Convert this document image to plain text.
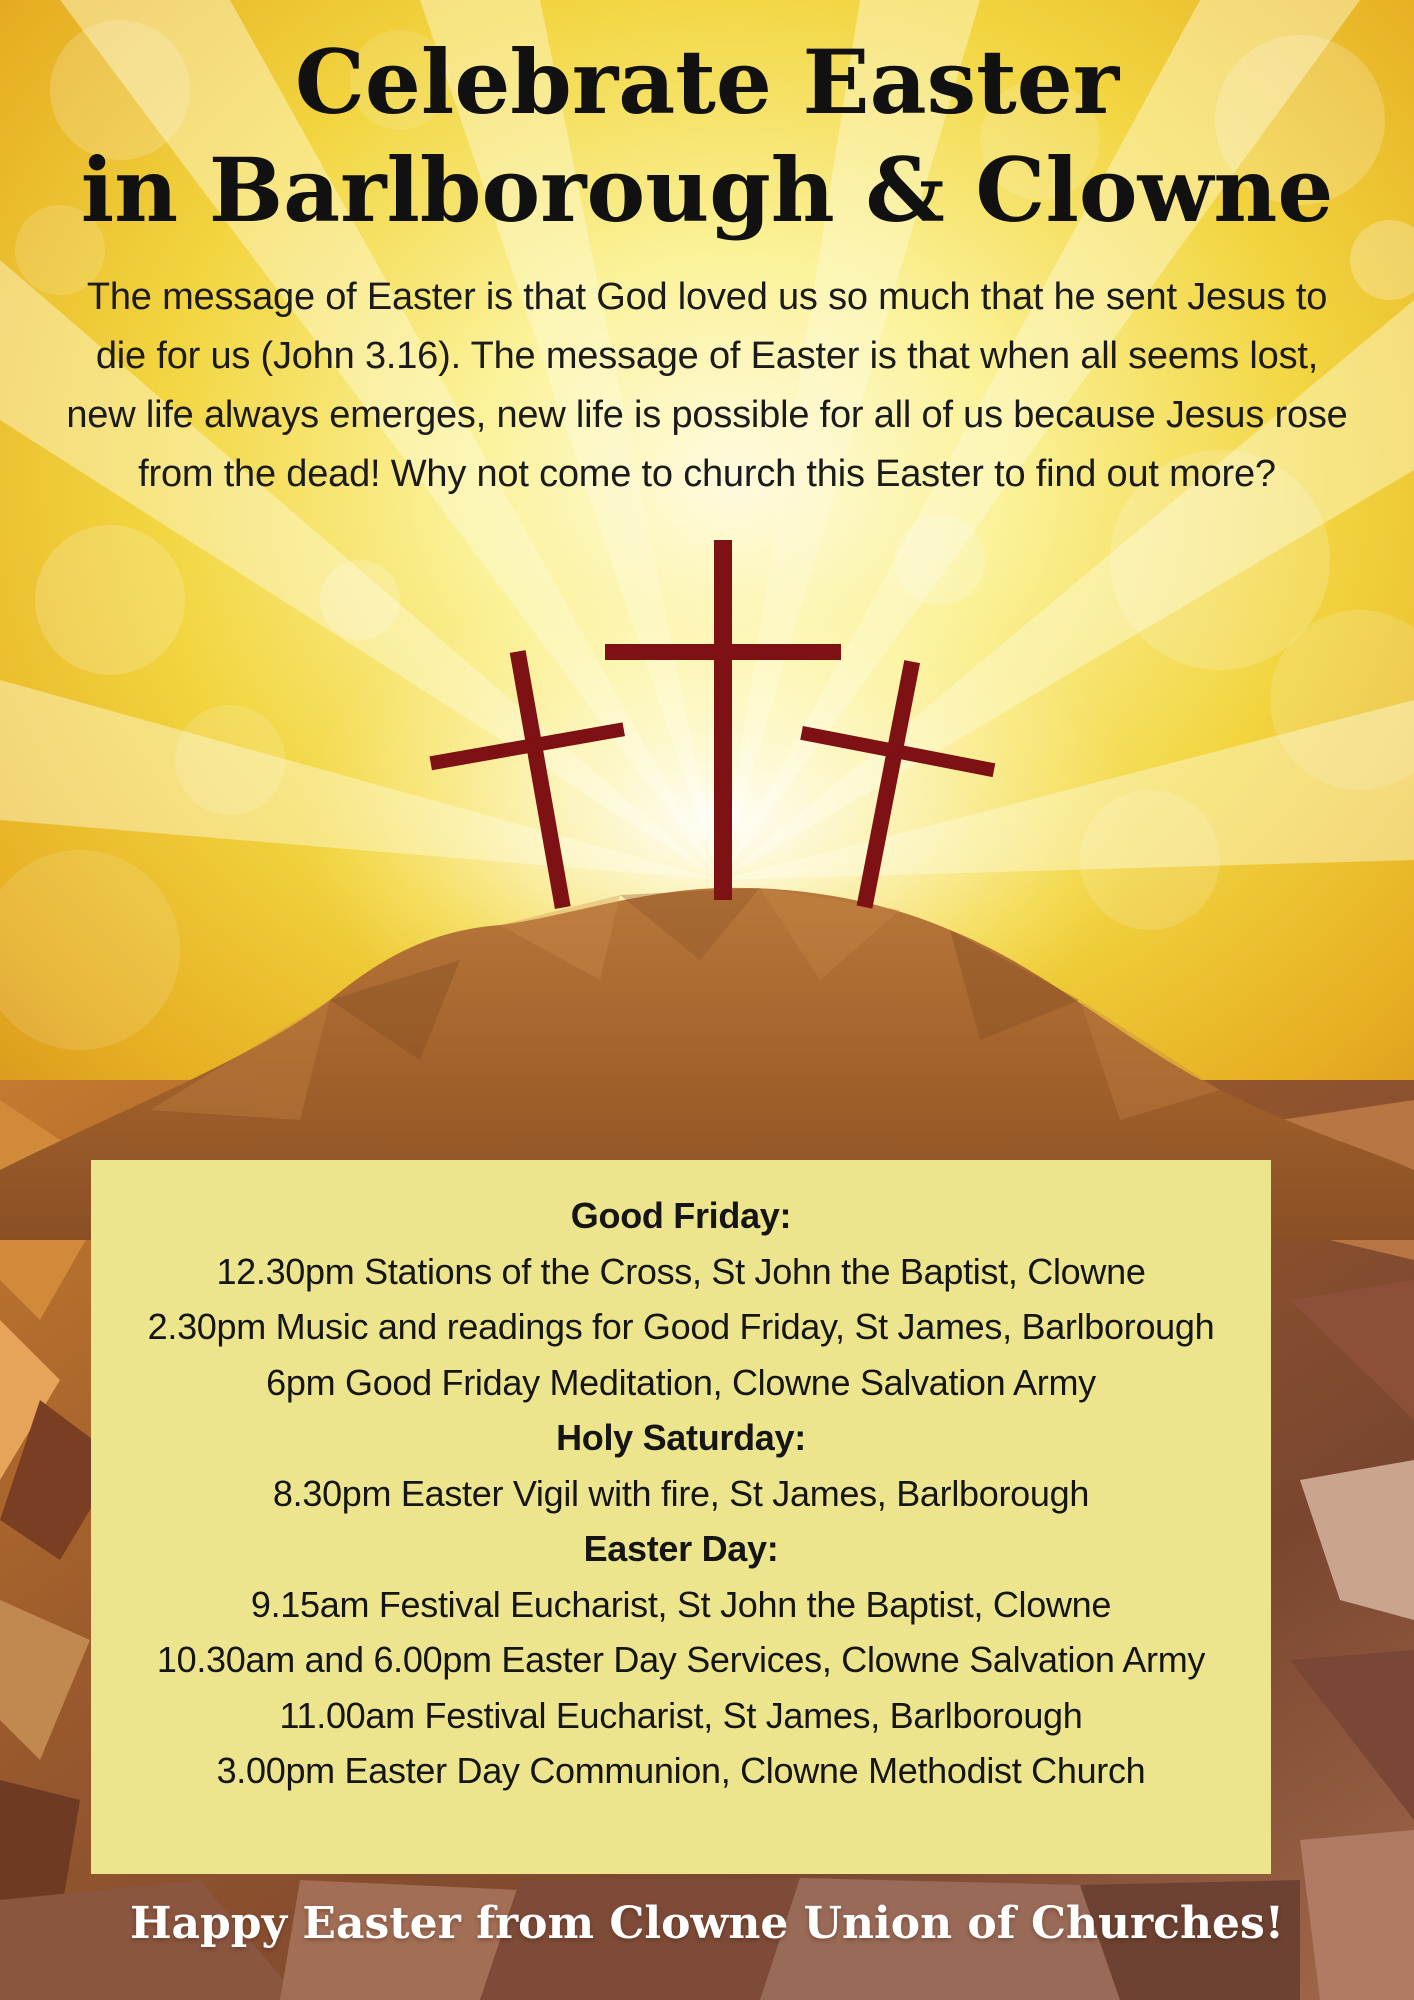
Celebrate Easter
in Barlborough & Clowne

The message of Easter is that God loved us so much that he sent Jesus to die for us (John 3.16). The message of Easter is that when all seems lost, new life always emerges, new life is possible for all of us because Jesus rose from the dead! Why not come to church this Easter to find out more?

Good Friday:
12.30pm Stations of the Cross, St John the Baptist, Clowne
2.30pm Music and readings for Good Friday, St James, Barlborough
6pm Good Friday Meditation, Clowne Salvation Army
Holy Saturday:
8.30pm Easter Vigil with fire, St James, Barlborough
Easter Day:
9.15am Festival Eucharist, St John the Baptist, Clowne
10.30am and 6.00pm Easter Day Services, Clowne Salvation Army
11.00am Festival Eucharist, St James, Barlborough
3.00pm Easter Day Communion, Clowne Methodist Church

Happy Easter from Clowne Union of Churches!
